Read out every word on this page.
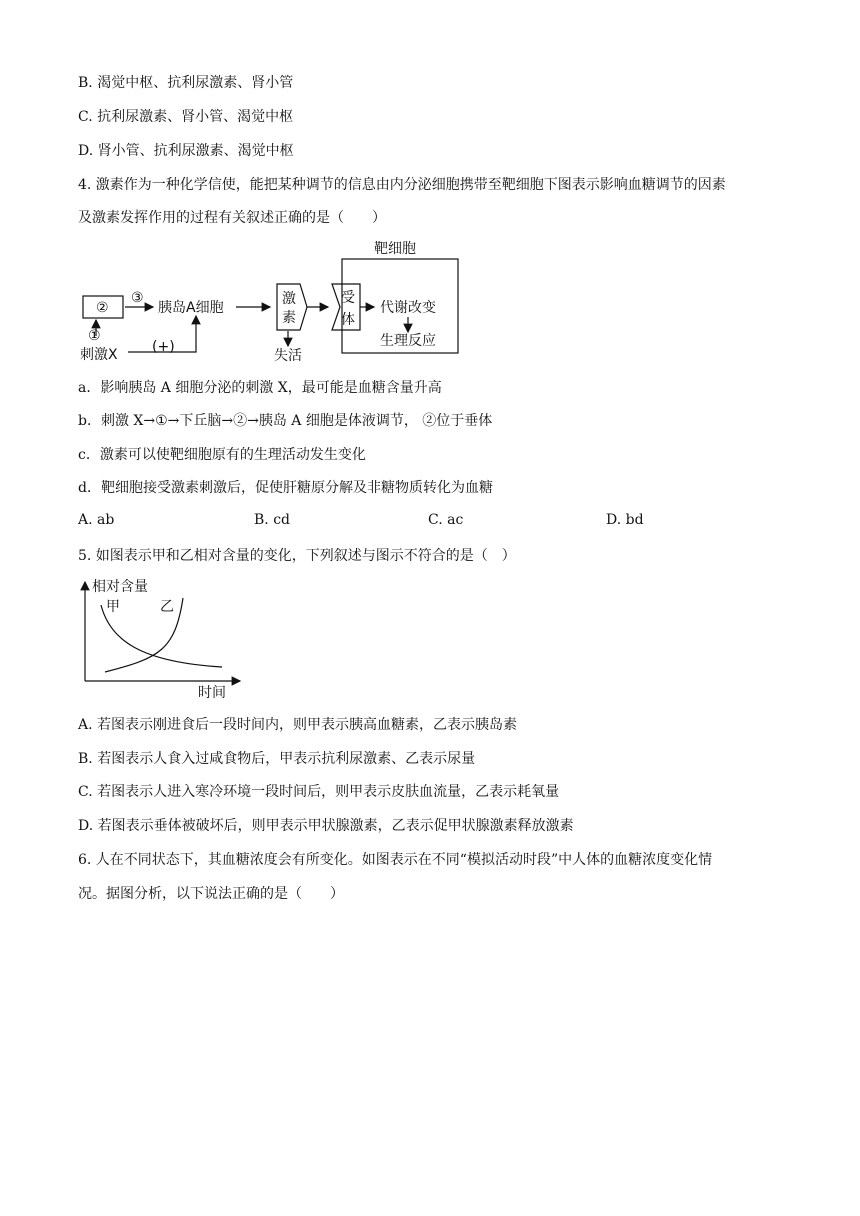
B. 渴觉中枢、抗利尿激素、肾小管
C. 抗利尿激素、肾小管、渴觉中枢
D. 肾小管、抗利尿激素、渴觉中枢
4. 激素作为一种化学信使，能把某种调节的信息由内分泌细胞携带至靶细胞下图表示影响血糖调节的因素
及激素发挥作用的过程有关叙述正确的是（　　）
靶细胞
②
③
胰岛A细胞
①
刺激X (+)
激
素
失活
受
体
代谢改变
生理反应
a．影响胰岛 A 细胞分泌的刺激 X，最可能是血糖含量升高
b．刺激 X→①→下丘脑→②→胰岛 A 细胞是体液调节， ②位于垂体
c．激素可以使靶细胞原有的生理活动发生变化
d．靶细胞接受激素刺激后，促使肝糖原分解及非糖物质转化为血糖
A. ab	B. cd	C. ac	D. bd
5. 如图表示甲和乙相对含量的变化，下列叙述与图示不符合的是（　）
相对含量
时间
甲	乙
A. 若图表示刚进食后一段时间内，则甲表示胰高血糖素，乙表示胰岛素
B. 若图表示人食入过咸食物后，甲表示抗利尿激素、乙表示尿量
C. 若图表示人进入寒冷环境一段时间后，则甲表示皮肤血流量，乙表示耗氧量
D. 若图表示垂体被破坏后，则甲表示甲状腺激素，乙表示促甲状腺激素释放激素
6. 人在不同状态下，其血糖浓度会有所变化。如图表示在不同“模拟活动时段”中人体的血糖浓度变化情
况。据图分析，以下说法正确的是（　　）
